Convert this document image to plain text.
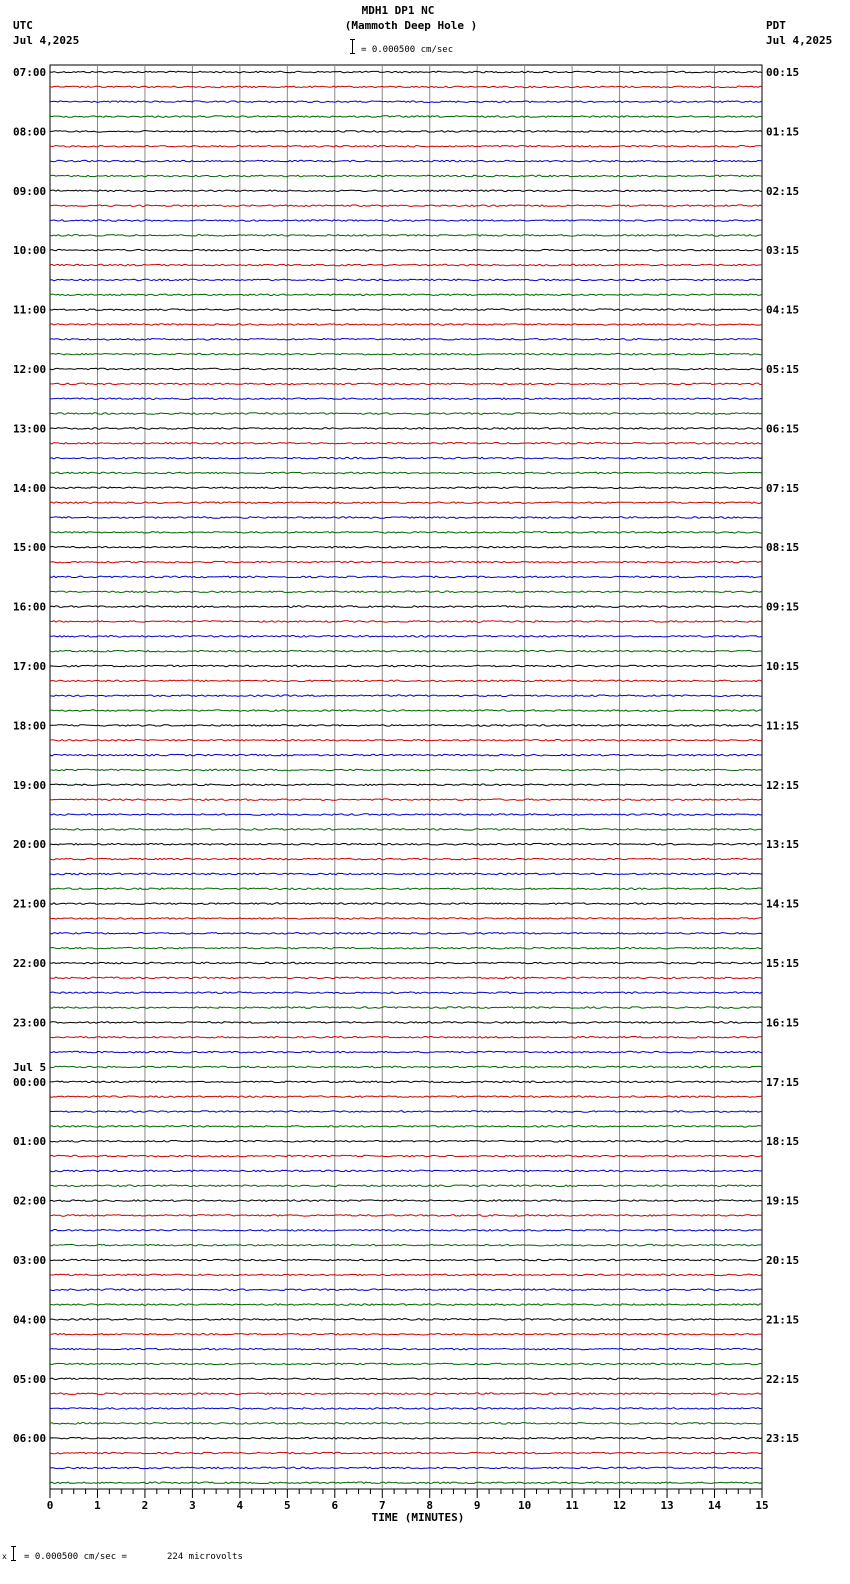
MDH1 DP1 NC
(Mammoth Deep Hole )
= 0.000500 cm/sec
UTC
Jul 4,2025
PDT
Jul 4,2025
07:00	00:15
08:00	01:15
09:00	02:15
10:00	03:15
11:00	04:15
12:00	05:15
13:00	06:15
14:00	07:15
15:00	08:15
16:00	09:15
17:00	10:15
18:00	11:15
19:00	12:15
20:00	13:15
21:00	14:15
22:00	15:15
23:00	16:15
00:00	17:15
Jul 5
01:00	18:15
02:00	19:15
03:00	20:15
04:00	21:15
05:00	22:15
06:00	23:15
0	1	2	3	4	5	6	7	8	9	10	11	12	13	14	15
TIME (MINUTES)
x = 0.000500 cm/sec =	224 microvolts
